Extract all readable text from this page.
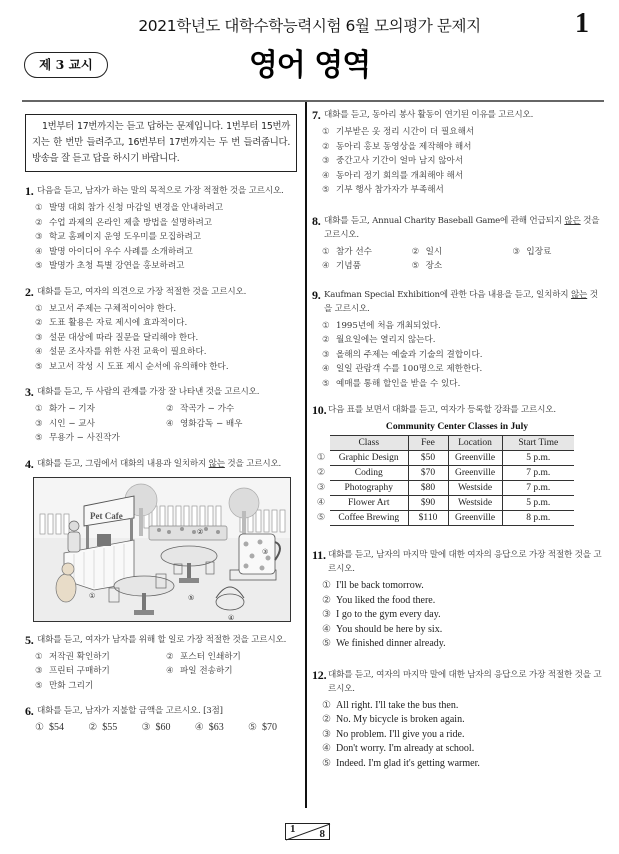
2021학년도 대학수학능력시험 6월 모의평가 문제지	1
제 3 교시	영어 영역
1번부터 17번까지는 듣고 답하는 문제입니다. 1번부터 15번까지는 한 번만 들려주고, 16번부터 17번까지는 두 번 들려줍니다. 방송을 잘 듣고 답을 하시기 바랍니다.
1. 다음을 듣고, 남자가 하는 말의 목적으로 가장 적절한 것을 고르시오.
① 발명 대회 참가 신청 마감일 변경을 안내하려고
② 수업 과제의 온라인 제출 방법을 설명하려고
③ 학교 홈페이지 운영 도우미를 모집하려고
④ 발명 아이디어 우수 사례를 소개하려고
⑤ 발명가 초청 특별 강연을 홍보하려고
2. 대화를 듣고, 여자의 의견으로 가장 적절한 것을 고르시오.
① 보고서 주제는 구체적이어야 한다.
② 도표 활용은 자료 제시에 효과적이다.
③ 설문 대상에 따라 질문을 달리해야 한다.
④ 설문 조사자를 위한 사전 교육이 필요하다.
⑤ 보고서 작성 시 도표 제시 순서에 유의해야 한다.
3. 대화를 듣고, 두 사람의 관계를 가장 잘 나타낸 것을 고르시오.
① 화가 − 기자	② 작곡가 − 가수
③ 시인 − 교사	④ 영화감독 − 배우
⑤ 무용가 − 사진작가
4. 대화를 듣고, 그림에서 대화의 내용과 일치하지 않는 것을 고르시오.
②
Pet Cafe
①	⑤
③
④
5. 대화를 듣고, 여자가 남자를 위해 할 일로 가장 적절한 것을 고르시오.
① 저작권 확인하기	② 포스터 인쇄하기
③ 프린터 구매하기	④ 파일 전송하기
⑤ 만화 그리기
6. 대화를 듣고, 남자가 지불할 금액을 고르시오. [3점]
① $54 ② $55 ③ $60 ④ $63 ⑤ $70
7. 대화를 듣고, 동아리 봉사 활동이 연기된 이유를 고르시오.
① 기부받은 옷 정리 시간이 더 필요해서
② 동아리 홍보 동영상을 제작해야 해서
③ 중간고사 기간이 얼마 남지 않아서
④ 동아리 정기 회의를 개최해야 해서
⑤ 기부 행사 참가자가 부족해서
8. 대화를 듣고, Annual Charity Baseball Game에 관해 언급되지 않은 것을 고르시오.
① 참가 선수	② 일시	③ 입장료
④ 기념품	⑤ 장소
9. Kaufman Special Exhibition에 관한 다음 내용을 듣고, 일치하지 않는 것을 고르시오.
① 1995년에 처음 개최되었다.
② 월요일에는 열리지 않는다.
③ 올해의 주제는 예술과 기술의 결합이다.
④ 일일 관람객 수를 100명으로 제한한다.
⑤ 예매를 통해 할인을 받을 수 있다.
10. 다음 표를 보면서 대화를 듣고, 여자가 등록할 강좌를 고르시오.
Community Center Classes in July
	Class	Fee	Location	Start Time
①	Graphic Design	$50	Greenville	5 p.m.
②	Coding	$70	Greenville	7 p.m.
③	Photography	$80	Westside	7 p.m.
④	Flower Art	$90	Westside	5 p.m.
⑤	Coffee Brewing	$110	Greenville	8 p.m.
11. 대화를 듣고, 남자의 마지막 말에 대한 여자의 응답으로 가장 적절한 것을 고르시오.
① I'll be back tomorrow.
② You liked the food there.
③ I go to the gym every day.
④ You should be here by six.
⑤ We finished dinner already.
12. 대화를 듣고, 여자의 마지막 말에 대한 남자의 응답으로 가장 적절한 것을 고르시오.
① All right. I'll take the bus then.
② No. My bicycle is broken again.
③ No problem. I'll give you a ride.
④ Don't worry. I'm already at school.
⑤ Indeed. I'm glad it's getting warmer.
1 8
